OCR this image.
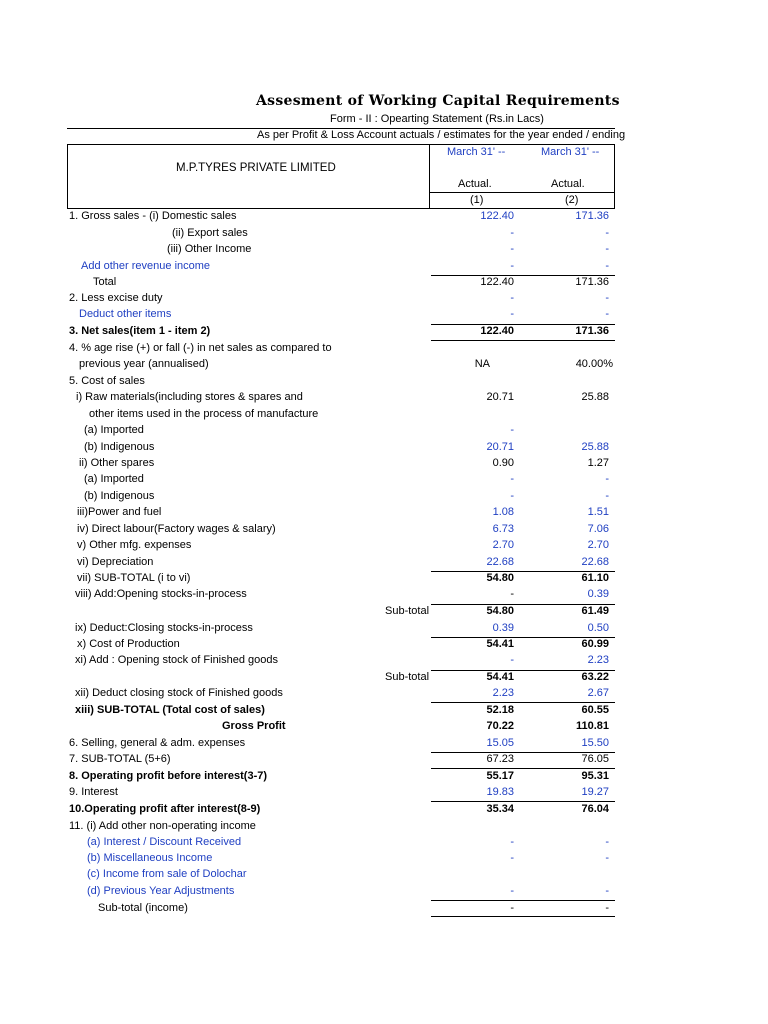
Assesment of Working Capital Requirements
Form - II : Opearting Statement (Rs.in Lacs)
As per Profit & Loss Account actuals / estimates for the year ended / ending
M.P.TYRES PRIVATE LIMITED
March 31' --	March 31' --
Actual.	Actual.
(1)	(2)
1. Gross sales - (i) Domestic sales	122.40	171.36
(ii) Export sales	-	-
(iii) Other Income	-	-
Add other revenue income	-	-
Total	122.40	171.36
2. Less excise duty	-	-
Deduct other items	-	-
3. Net sales(item 1 - item 2)	122.40	171.36
4. % age rise (+) or fall (-) in net sales as compared to
previous year (annualised)	NA	40.00%
5. Cost of sales
i) Raw materials(including stores & spares and	20.71	25.88
other items used in the process of manufacture
(a) Imported	-
(b) Indigenous	20.71	25.88
ii) Other spares	0.90	1.27
(a) Imported	-	-
(b) Indigenous	-	-
iii)Power and fuel	1.08	1.51
iv) Direct labour(Factory wages & salary)	6.73	7.06
v) Other mfg. expenses	2.70	2.70
vi) Depreciation	22.68	22.68
vii) SUB-TOTAL (i to vi)	54.80	61.10
viii) Add:Opening stocks-in-process	-	0.39
Sub-total	54.80	61.49
ix) Deduct:Closing stocks-in-process	0.39	0.50
x) Cost of Production	54.41	60.99
xi) Add : Opening stock of Finished goods	-	2.23
Sub-total	54.41	63.22
xii) Deduct closing stock of Finished goods	2.23	2.67
xiii) SUB-TOTAL (Total cost of sales)	52.18	60.55
Gross Profit	70.22	110.81
6. Selling, general & adm. expenses	15.05	15.50
7. SUB-TOTAL (5+6)	67.23	76.05
8. Operating profit before interest(3-7)	55.17	95.31
9. Interest	19.83	19.27
10.Operating profit after interest(8-9)	35.34	76.04
11. (i) Add other non-operating income
(a) Interest / Discount Received	-	-
(b) Miscellaneous Income	-	-
(c) Income from sale of Dolochar
(d) Previous Year Adjustments	-	-
Sub-total (income)	-	-
